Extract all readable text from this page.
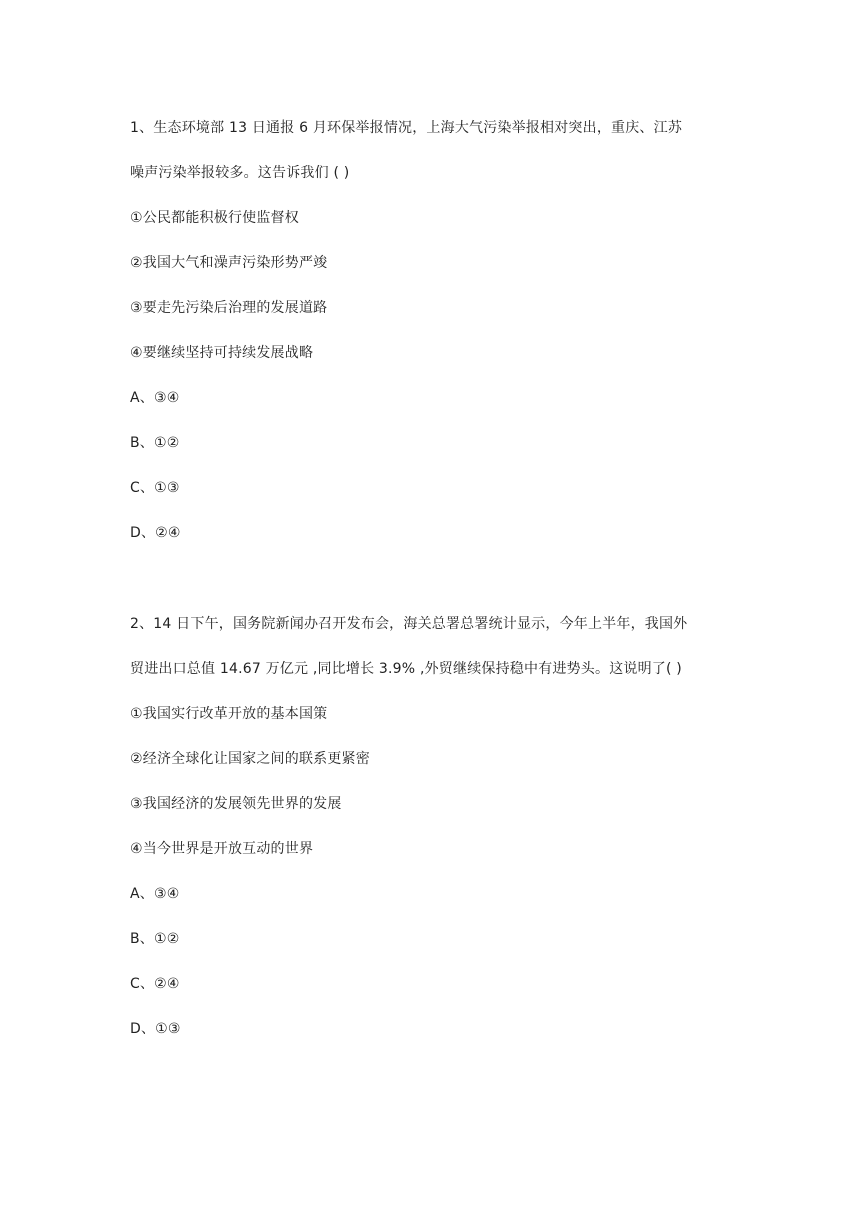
1、生态环境部 13 日通报 6 月环保举报情况，上海大气污染举报相对突出，重庆、江苏
噪声污染举报较多。这告诉我们 ( )
①公民都能积极行使监督权
②我国大气和澡声污染形势严竣
③要走先污染后治理的发展道路
④要继续坚持可持续发展战略
A、③④
B、①②
C、①③
D、②④
2、14 日下午，国务院新闻办召开发布会，海关总署总署统计显示，今年上半年，我国外
贸进出口总值 14.67 万亿元 ,同比增长 3.9% ,外贸继续保持稳中有进势头。这说明了( )
①我国实行改革开放的基本国策
②经济全球化让国家之间的联系更紧密
③我国经济的发展领先世界的发展
④当今世界是开放互动的世界
A、③④
B、①②
C、②④
D、①③
